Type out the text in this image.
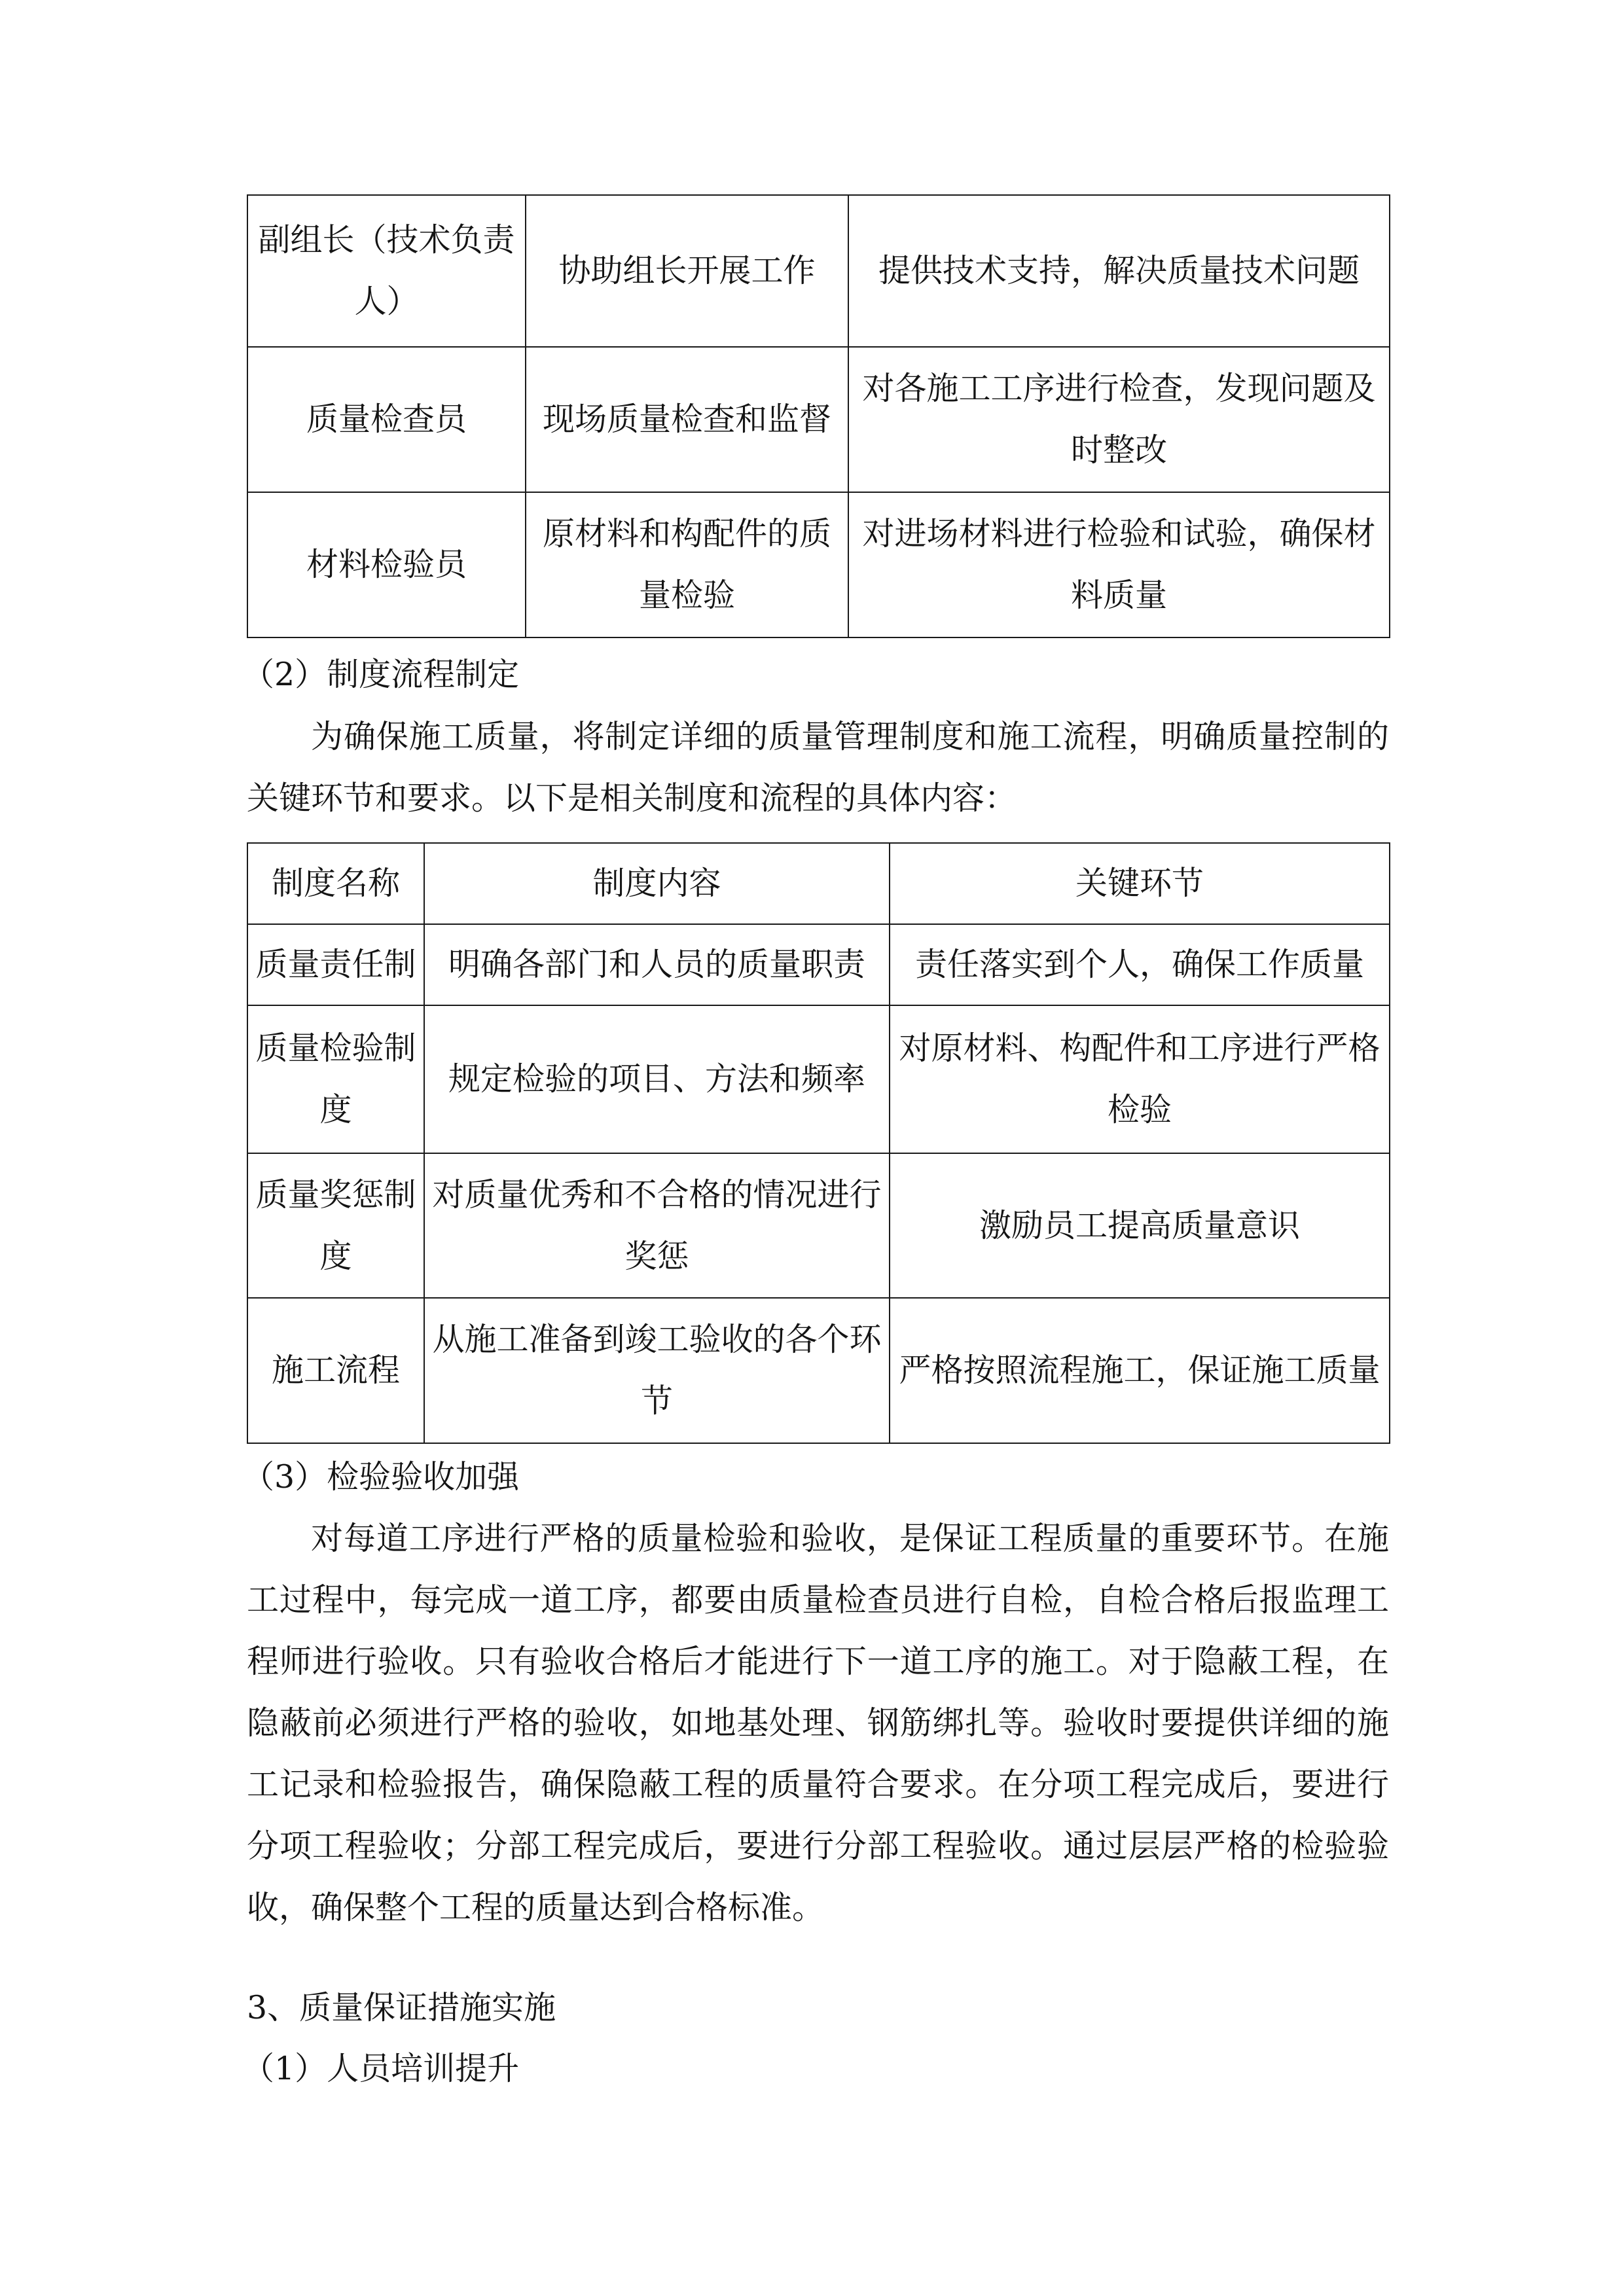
副组长（技术负责人）	协助组长开展工作	提供技术支持，解决质量技术问题
质量检查员	现场质量检查和监督	对各施工工序进行检查，发现问题及时整改
材料检验员	原材料和构配件的质量检验	对进场材料进行检验和试验，确保材料质量

（2）制度流程制定

为确保施工质量，将制定详细的质量管理制度和施工流程，明确质量控制的关键环节和要求。以下是相关制度和流程的具体内容：

制度名称	制度内容	关键环节
质量责任制	明确各部门和人员的质量职责	责任落实到个人，确保工作质量
质量检验制度	规定检验的项目、方法和频率	对原材料、构配件和工序进行严格检验
质量奖惩制度	对质量优秀和不合格的情况进行奖惩	激励员工提高质量意识
施工流程	从施工准备到竣工验收的各个环节	严格按照流程施工，保证施工质量

（3）检验验收加强

对每道工序进行严格的质量检验和验收，是保证工程质量的重要环节。在施工过程中，每完成一道工序，都要由质量检查员进行自检，自检合格后报监理工程师进行验收。只有验收合格后才能进行下一道工序的施工。对于隐蔽工程，在隐蔽前必须进行严格的验收，如地基处理、钢筋绑扎等。验收时要提供详细的施工记录和检验报告，确保隐蔽工程的质量符合要求。在分项工程完成后，要进行分项工程验收；分部工程完成后，要进行分部工程验收。通过层层严格的检验验收，确保整个工程的质量达到合格标准。

3、质量保证措施实施

（1）人员培训提升
